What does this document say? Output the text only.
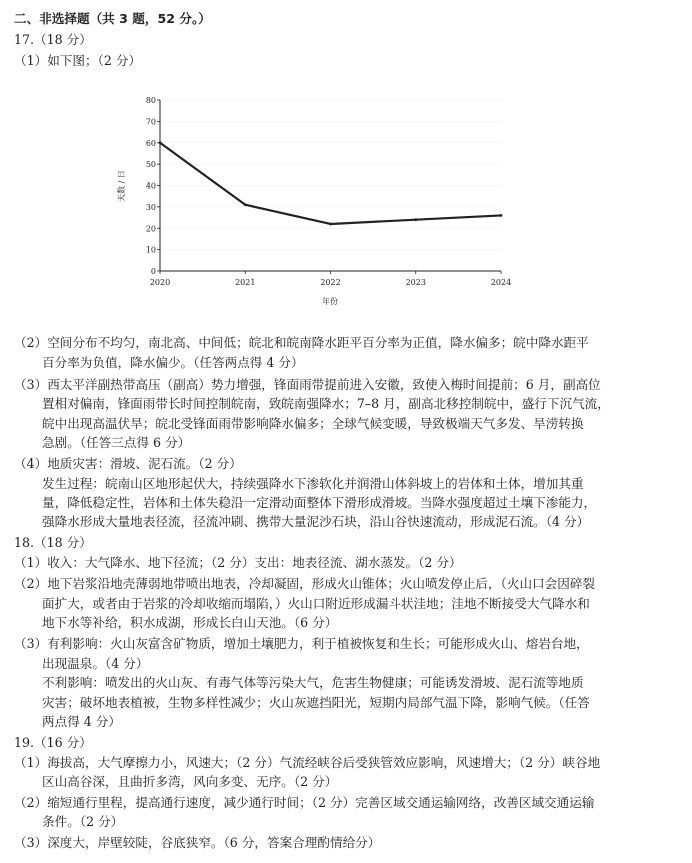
二、非选择题（共 3 题，52 分。）
17.（18 分）
（1）如下图；（2 分）
0
10
20
30
40
50
60
70
80
2020	2021	2022	2023	2024
天数 / 日
年份
（2）空间分布不均匀，南北高、中间低；皖北和皖南降水距平百分率为正值，降水偏多；皖中降水距平
百分率为负值，降水偏少。（任答两点得 4 分）
（3）西太平洋副热带高压（副高）势力增强，锋面雨带提前进入安徽，致使入梅时间提前；6 月，副高位
置相对偏南，锋面雨带长时间控制皖南，致皖南强降水；7–8 月，副高北移控制皖中，盛行下沉气流，
皖中出现高温伏旱；皖北受锋面雨带影响降水偏多；全球气候变暖，导致极端天气多发、旱涝转换
急剧。（任答三点得 6 分）
（4）地质灾害：滑坡、泥石流。（2 分）
发生过程：皖南山区地形起伏大，持续强降水下渗软化并润滑山体斜坡上的岩体和土体，增加其重
量，降低稳定性，岩体和土体失稳沿一定滑动面整体下滑形成滑坡。当降水强度超过土壤下渗能力，
强降水形成大量地表径流，径流冲刷、携带大量泥沙石块，沿山谷快速流动，形成泥石流。（4 分）
18.（18 分）
（1）收入：大气降水、地下径流；（2 分）支出：地表径流、湖水蒸发。（2 分）
（2）地下岩浆沿地壳薄弱地带喷出地表，冷却凝固，形成火山锥体；火山喷发停止后，（火山口会因碎裂
面扩大，或者由于岩浆的冷却收缩而塌陷，）火山口附近形成漏斗状洼地；洼地不断接受大气降水和
地下水等补给，积水成湖，形成长白山天池。（6 分）
（3）有利影响：火山灰富含矿物质，增加土壤肥力，利于植被恢复和生长；可能形成火山、熔岩台地，
出现温泉。（4 分）
不利影响：喷发出的火山灰、有毒气体等污染大气，危害生物健康；可能诱发滑坡、泥石流等地质
灾害；破坏地表植被，生物多样性减少；火山灰遮挡阳光，短期内局部气温下降，影响气候。（任答
两点得 4 分）
19.（16 分）
（1）海拔高，大气摩擦力小，风速大；（2 分）气流经峡谷后受狭管效应影响，风速增大；（2 分）峡谷地
区山高谷深，且曲折多湾，风向多变、无序。（2 分）
（2）缩短通行里程，提高通行速度，减少通行时间；（2 分）完善区域交通运输网络，改善区域交通运输
条件。（2 分）
（3）深度大，岸壁较陡，谷底狭窄。（6 分，答案合理酌情给分）
